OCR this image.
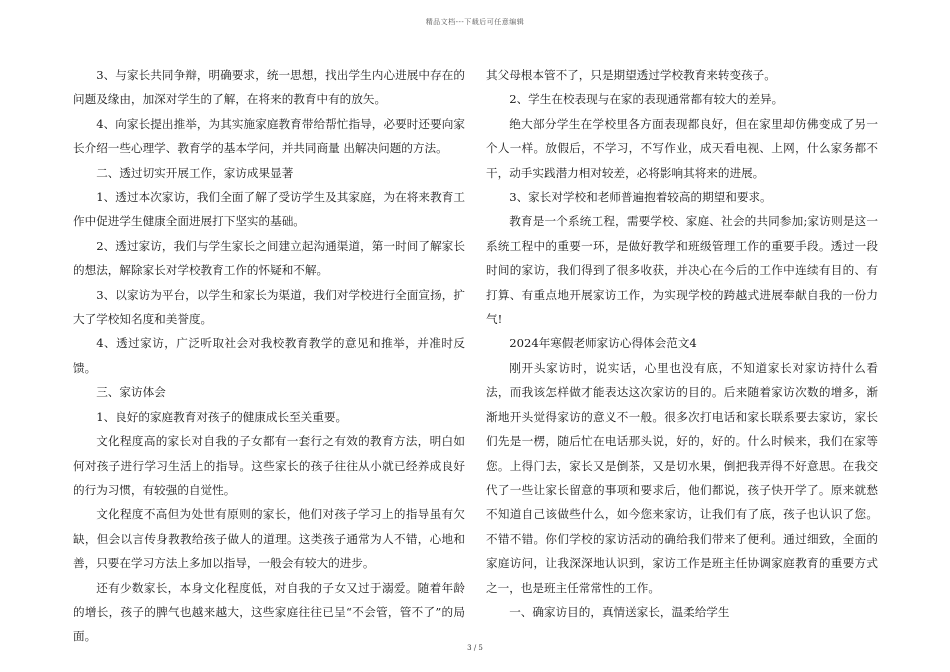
精品文档---下载后可任意编辑

3、与家长共同争辩，明确要求，统一思想，找出学生内心进展中存在的问题及缘由，加深对学生的了解，在将来的教育中有的放矢。

4、向家长提出推举，为其实施家庭教育带给帮忙指导，必要时还要向家长介绍一些心理学、教育学的基本学问，并共同商量 出解决问题的方法。

二、透过切实开展工作，家访成果显著

1、透过本次家访，我们全面了解了受访学生及其家庭，为在将来教育工作中促进学生健康全面进展打下坚实的基础。

2、透过家访，我们与学生家长之间建立起沟通渠道，第一时间了解家长的想法，解除家长对学校教育工作的怀疑和不解。

3、以家访为平台，以学生和家长为渠道，我们对学校进行全面宣扬，扩大了学校知名度和美誉度。

4、透过家访，广泛听取社会对我校教育教学的意见和推举，并准时反馈。

三、家访体会

1、良好的家庭教育对孩子的健康成长至关重要。

文化程度高的家长对自我的子女都有一套行之有效的教育方法，明白如何对孩子进行学习生活上的指导。这些家长的孩子往往从小就已经养成良好的行为习惯，有较强的自觉性。

文化程度不高但为处世有原则的家长，他们对孩子学习上的指导虽有欠缺，但会以言传身教教给孩子做人的道理。这类孩子通常为人不错，心地和善，只要在学习方法上多加以指导，一般会有较大的进步。

还有少数家长，本身文化程度低，对自我的子女又过于溺爱。随着年龄的增长，孩子的脾气也越来越大，这些家庭往往已呈“不会管，管不了”的局面。

其父母根本管不了，只是期望透过学校教育来转变孩子。

2、学生在校表现与在家的表现通常都有较大的差异。

绝大部分学生在学校里各方面表现都良好，但在家里却仿佛变成了另一个人一样。放假后，不学习，不写作业，成天看电视、上网，什么家务都不干，动手实践潜力相对较差，必将影响其将来的进展。

3、家长对学校和老师普遍抱着较高的期望和要求。

教育是一个系统工程，需要学校、家庭、社会的共同参加;家访则是这一系统工程中的重要一环，是做好教学和班级管理工作的重要手段。透过一段时间的家访，我们得到了很多收获，并决心在今后的工作中连续有目的、有打算、有重点地开展家访工作，为实现学校的跨越式进展奉献自我的一份力气!

2024年寒假老师家访心得体会范文4

刚开头家访时，说实话，心里也没有底，不知道家长对家访持什么看法，而我该怎样做才能表达这次家访的目的。后来随着家访次数的增多，渐渐地开头觉得家访的意义不一般。很多次打电话和家长联系要去家访，家长们先是一楞，随后忙在电话那头说，好的，好的。什么时候来，我们在家等您。上得门去，家长又是倒茶，又是切水果，倒把我弄得不好意思。在我交代了一些让家长留意的事项和要求后，他们都说，孩子快开学了。原来就愁不知道自己该做些什么，如今您来家访，让我们有了底，孩子也认识了您。不错不错。你们学校的家访活动的确给我们带来了便利。通过细致，全面的家庭访问，让我深深地认识到，家访工作是班主任协调家庭教育的重要方式之一，也是班主任常常性的工作。

一、确家访目的，真情送家长，温柔给学生

3 / 5
